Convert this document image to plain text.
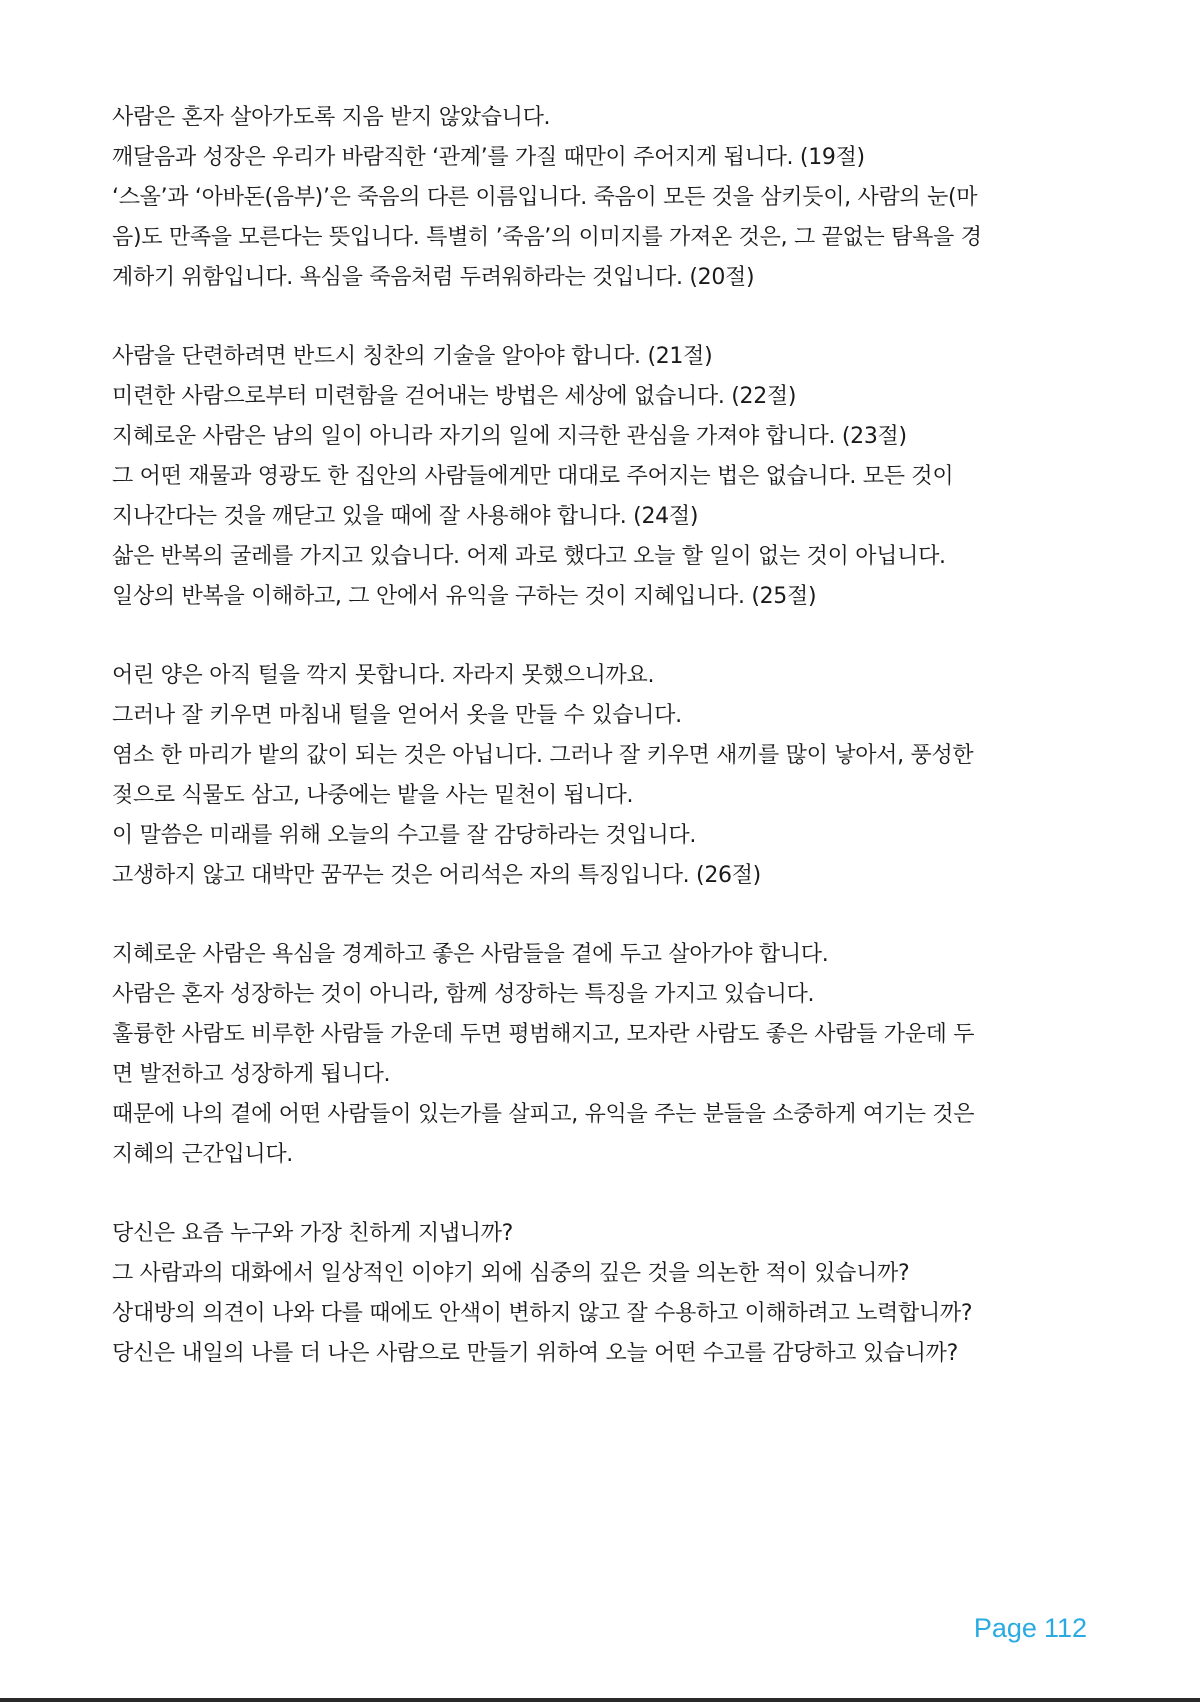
사람은 혼자 살아가도록 지음 받지 않았습니다.
깨달음과 성장은 우리가 바람직한 ‘관계’를 가질 때만이 주어지게 됩니다. (19절)
‘스올’과 ‘아바돈(음부)’은 죽음의 다른 이름입니다. 죽음이 모든 것을 삼키듯이, 사람의 눈(마
음)도 만족을 모른다는 뜻입니다. 특별히 ’죽음’의 이미지를 가져온 것은, 그 끝없는 탐욕을 경
계하기 위함입니다. 욕심을 죽음처럼 두려워하라는 것입니다. (20절)
사람을 단련하려면 반드시 칭찬의 기술을 알아야 합니다. (21절)
미련한 사람으로부터 미련함을 걷어내는 방법은 세상에 없습니다. (22절)
지혜로운 사람은 남의 일이 아니라 자기의 일에 지극한 관심을 가져야 합니다. (23절)
그 어떤 재물과 영광도 한 집안의 사람들에게만 대대로 주어지는 법은 없습니다. 모든 것이
지나간다는 것을 깨닫고 있을 때에 잘 사용해야 합니다. (24절)
삶은 반복의 굴레를 가지고 있습니다. 어제 과로 했다고 오늘 할 일이 없는 것이 아닙니다.
일상의 반복을 이해하고, 그 안에서 유익을 구하는 것이 지혜입니다. (25절)
어린 양은 아직 털을 깍지 못합니다. 자라지 못했으니까요.
그러나 잘 키우면 마침내 털을 얻어서 옷을 만들 수 있습니다.
염소 한 마리가 밭의 값이 되는 것은 아닙니다. 그러나 잘 키우면 새끼를 많이 낳아서, 풍성한
젖으로 식물도 삼고, 나중에는 밭을 사는 밑천이 됩니다.
이 말씀은 미래를 위해 오늘의 수고를 잘 감당하라는 것입니다.
고생하지 않고 대박만 꿈꾸는 것은 어리석은 자의 특징입니다. (26절)
지혜로운 사람은 욕심을 경계하고 좋은 사람들을 곁에 두고 살아가야 합니다.
사람은 혼자 성장하는 것이 아니라, 함께 성장하는 특징을 가지고 있습니다.
훌륭한 사람도 비루한 사람들 가운데 두면 평범해지고, 모자란 사람도 좋은 사람들 가운데 두
면 발전하고 성장하게 됩니다.
때문에 나의 곁에 어떤 사람들이 있는가를 살피고, 유익을 주는 분들을 소중하게 여기는 것은
지혜의 근간입니다.
당신은 요즘 누구와 가장 친하게 지냅니까?
그 사람과의 대화에서 일상적인 이야기 외에 심중의 깊은 것을 의논한 적이 있습니까?
상대방의 의견이 나와 다를 때에도 안색이 변하지 않고 잘 수용하고 이해하려고 노력합니까?
당신은 내일의 나를 더 나은 사람으로 만들기 위하여 오늘 어떤 수고를 감당하고 있습니까?
Page 112
